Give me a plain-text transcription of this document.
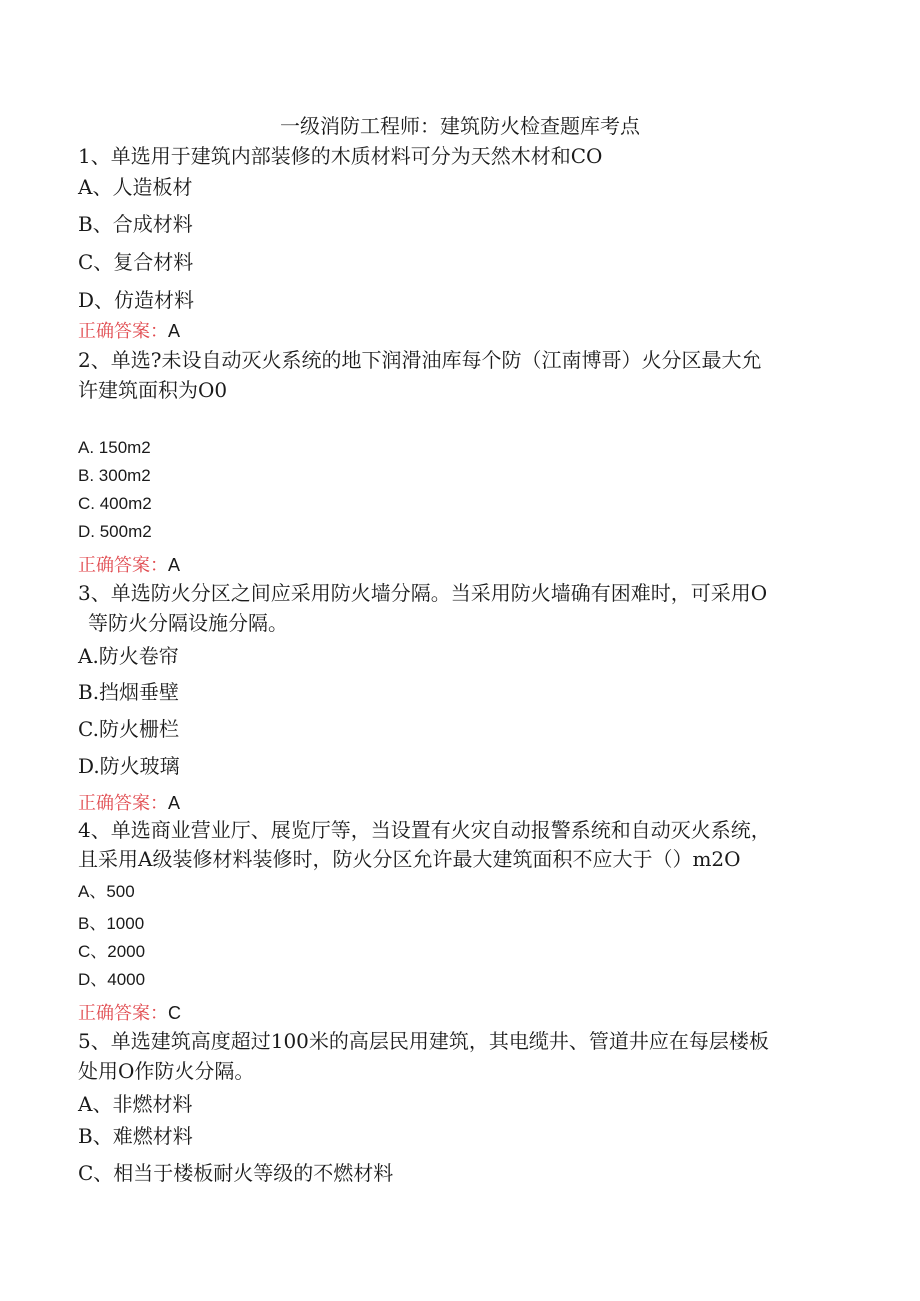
一级消防工程师：建筑防火检查题库考点
1、单选用于建筑内部装修的木质材料可分为天然木材和CO
A、人造板材
B、合成材料
C、复合材料
D、仿造材料
正确答案：A
2、单选?未设自动灭火系统的地下润滑油库每个防（江南博哥）火分区最大允
许建筑面积为O0
A. 150m2
B. 300m2
C. 400m2
D. 500m2
正确答案：A
3、单选防火分区之间应采用防火墙分隔。当采用防火墙确有困难时，可采用O
等防火分隔设施分隔。
A.防火卷帘
B.挡烟垂壁
C.防火栅栏
D.防火玻璃
正确答案：A
4、单选商业营业厅、展览厅等，当设置有火灾自动报警系统和自动灭火系统，
且采用A级装修材料装修时，防火分区允许最大建筑面积不应大于（）m2O
A、500
B、1000
C、2000
D、4000
正确答案：C
5、单选建筑高度超过100米的高层民用建筑，其电缆井、管道井应在每层楼板
处用O作防火分隔。
A、非燃材料
B、难燃材料
C、相当于楼板耐火等级的不燃材料
